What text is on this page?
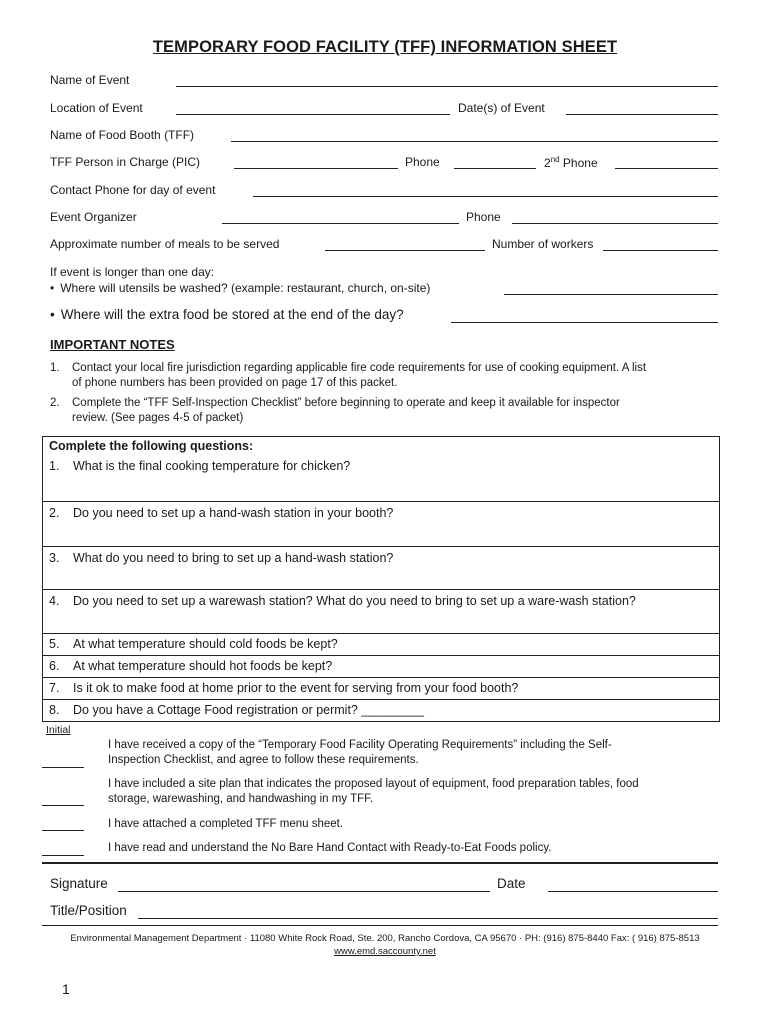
TEMPORARY FOOD FACILITY (TFF) INFORMATION SHEET
Name of Event
Location of Event	Date(s) of Event
Name of Food Booth (TFF)
TFF Person in Charge (PIC)	Phone	2nd Phone
Contact Phone for day of event
Event Organizer	Phone
Approximate number of meals to be served	Number of workers
If event is longer than one day:
• Where will utensils be washed? (example: restaurant, church, on-site)
• Where will the extra food be stored at the end of the day?
IMPORTANT NOTES
1. Contact your local fire jurisdiction regarding applicable fire code requirements for use of cooking equipment. A list
of phone numbers has been provided on page 17 of this packet.
2. Complete the “TFF Self-Inspection Checklist” before beginning to operate and keep it available for inspector
review. (See pages 4-5 of packet)
Complete the following questions:
1. What is the final cooking temperature for chicken?
2. Do you need to set up a hand-wash station in your booth?
3. What do you need to bring to set up a hand-wash station?
4. Do you need to set up a warewash station? What do you need to bring to set up a ware-wash station?
5. At what temperature should cold foods be kept?
6. At what temperature should hot foods be kept?
7. Is it ok to make food at home prior to the event for serving from your food booth?
8. Do you have a Cottage Food registration or permit? _________
Initial
I have received a copy of the “Temporary Food Facility Operating Requirements” including the Self-
Inspection Checklist, and agree to follow these requirements.
I have included a site plan that indicates the proposed layout of equipment, food preparation tables, food
storage, warewashing, and handwashing in my TFF.
I have attached a completed TFF menu sheet.
I have read and understand the No Bare Hand Contact with Ready-to-Eat Foods policy.
Signature	Date
Title/Position
Environmental Management Department · 11080 White Rock Road, Ste. 200, Rancho Cordova, CA 95670 · PH: (916) 875-8440 Fax: ( 916) 875-8513
www.emd.saccounty.net
1
